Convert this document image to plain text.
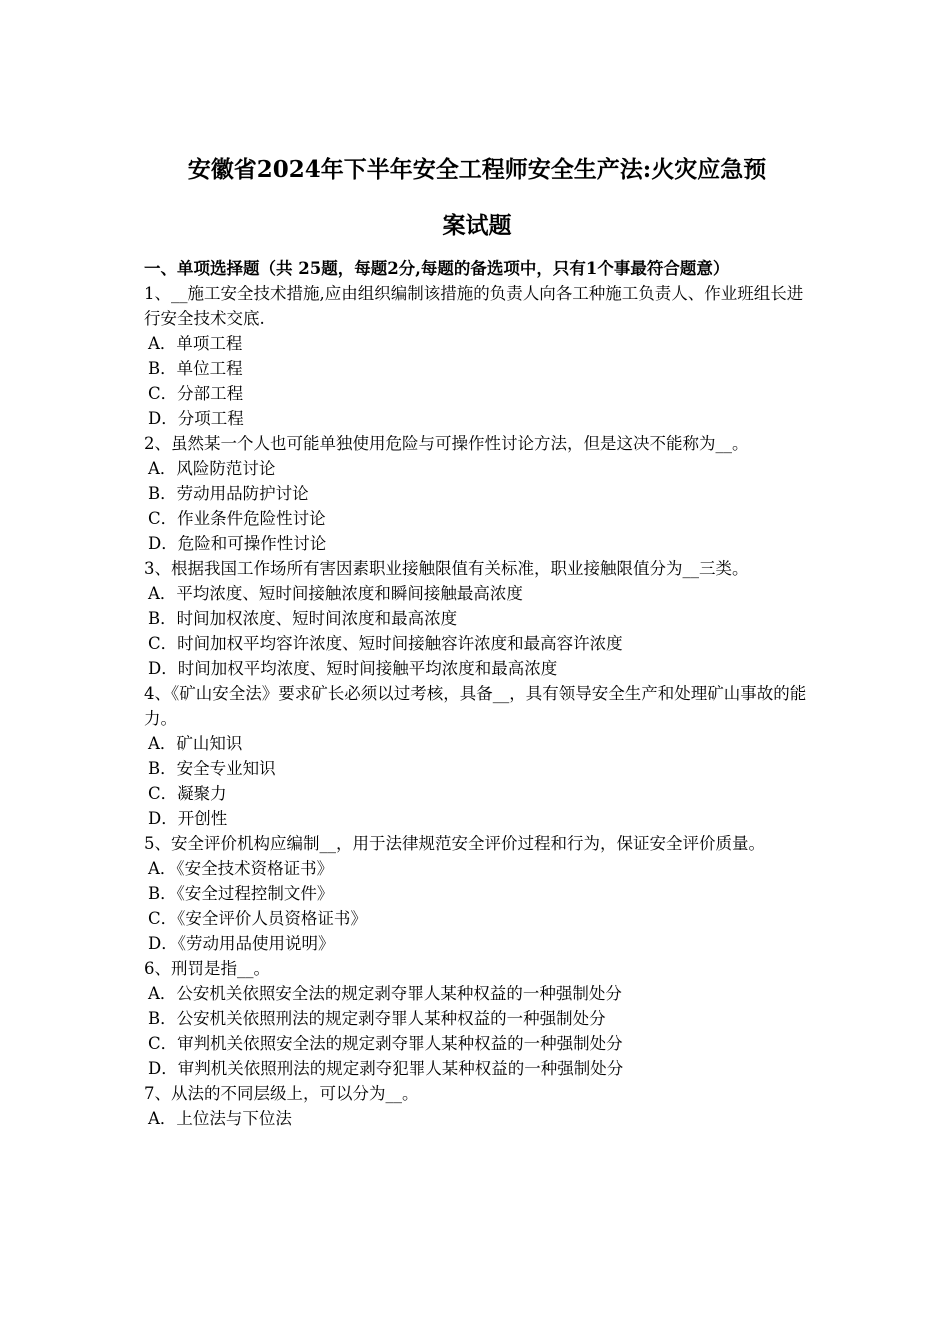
安徽省2024年下半年安全工程师安全生产法:火灾应急预
案试题

一、单项选择题（共 25题，每题2分,每题的备选项中，只有1个事最符合题意）

1、__施工安全技术措施,应由组织编制该措施的负责人向各工种施工负责人、作业班组长进行安全技术交底.

A．单项工程

B．单位工程

C．分部工程

D．分项工程

2、虽然某一个人也可能单独使用危险与可操作性讨论方法，但是这决不能称为__。

A．风险防范讨论

B．劳动用品防护讨论

C．作业条件危险性讨论

D．危险和可操作性讨论

3、根据我国工作场所有害因素职业接触限值有关标准，职业接触限值分为__三类。

A．平均浓度、短时间接触浓度和瞬间接触最高浓度

B．时间加权浓度、短时间浓度和最高浓度

C．时间加权平均容许浓度、短时间接触容许浓度和最高容许浓度

D．时间加权平均浓度、短时间接触平均浓度和最高浓度

4、《矿山安全法》要求矿长必须以过考核，具备__，具有领导安全生产和处理矿山事故的能力。

A．矿山知识

B．安全专业知识

C．凝聚力

D．开创性

5、安全评价机构应编制__，用于法律规范安全评价过程和行为，保证安全评价质量。

A．《安全技术资格证书》

B．《安全过程控制文件》

C．《安全评价人员资格证书》

D．《劳动用品使用说明》

6、刑罚是指__。

A．公安机关依照安全法的规定剥夺罪人某种权益的一种强制处分

B．公安机关依照刑法的规定剥夺罪人某种权益的一种强制处分

C．审判机关依照安全法的规定剥夺罪人某种权益的一种强制处分

D．审判机关依照刑法的规定剥夺犯罪人某种权益的一种强制处分

7、从法的不同层级上，可以分为__。

A．上位法与下位法
